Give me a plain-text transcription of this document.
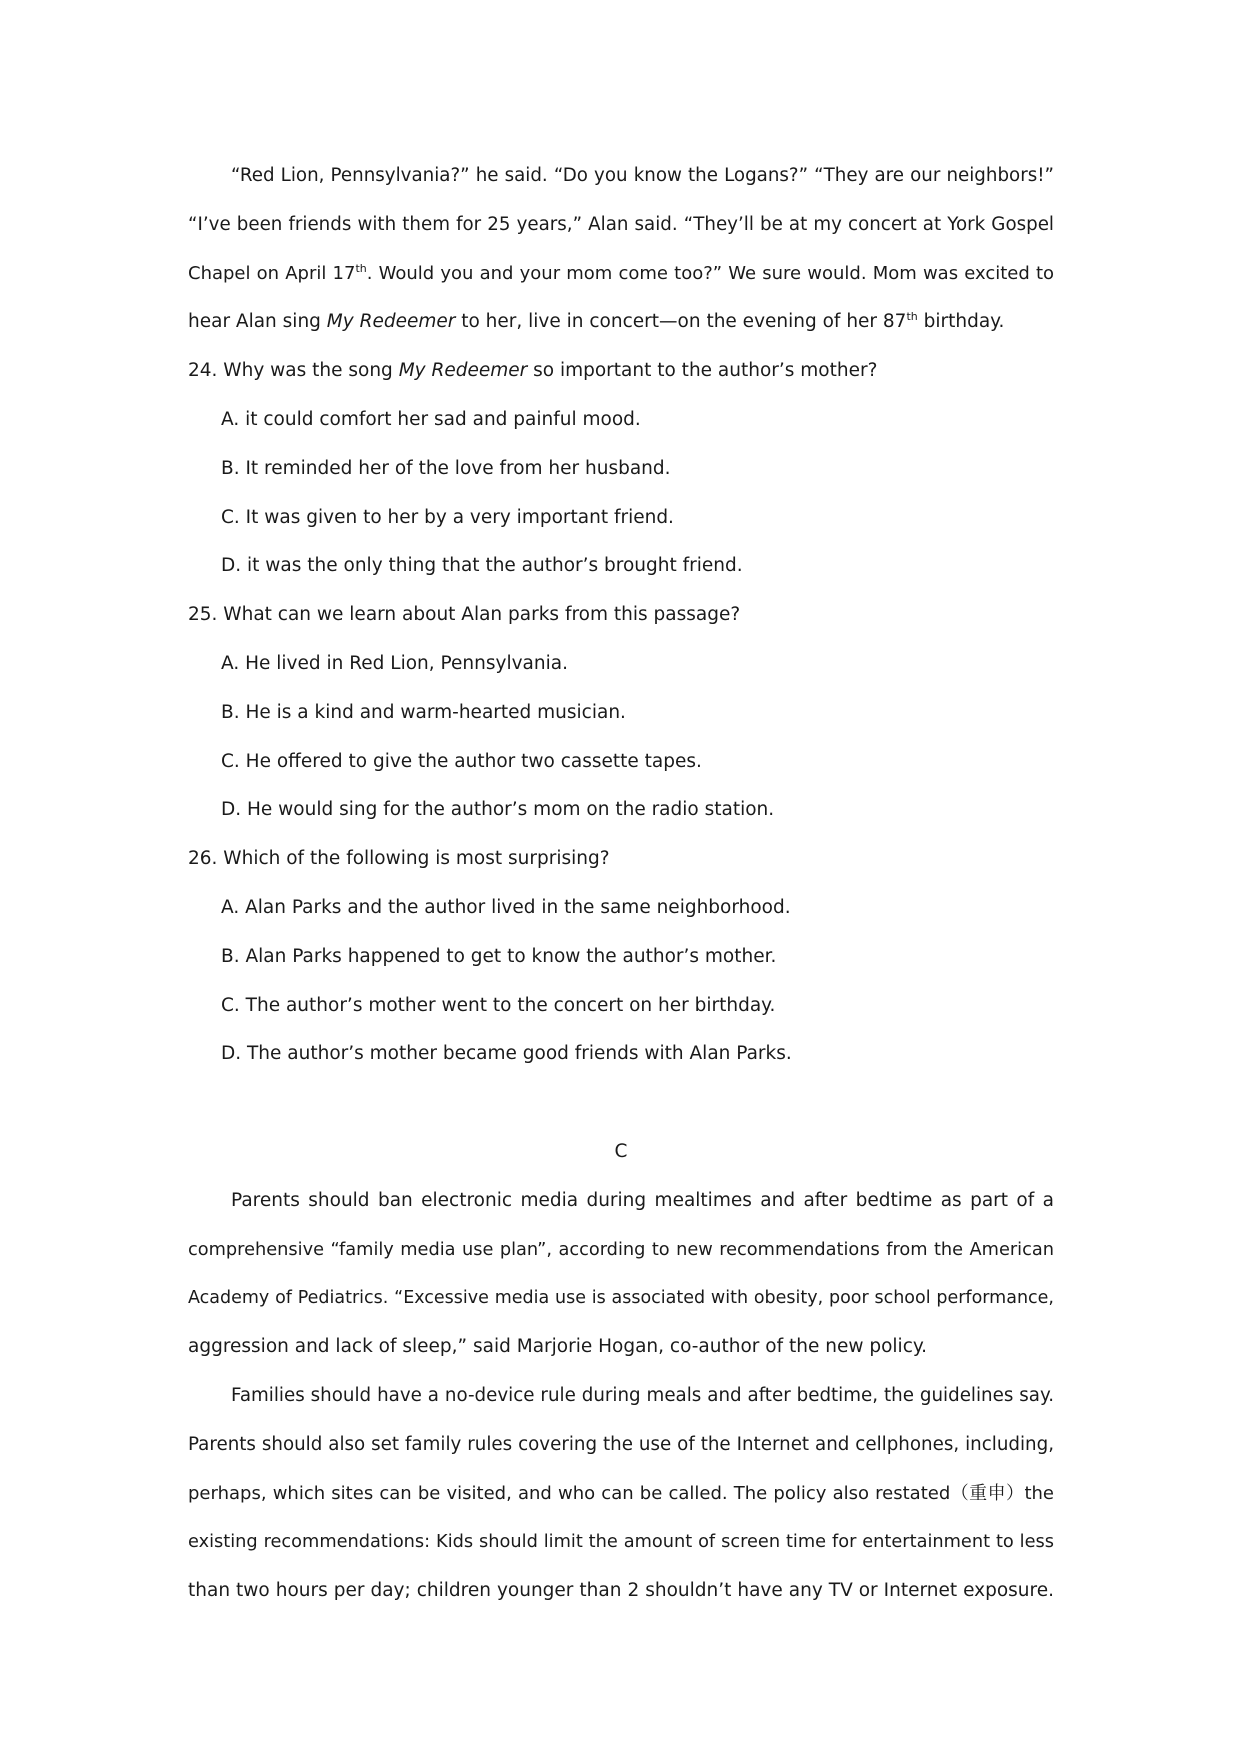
“Red Lion, Pennsylvania?” he said. “Do you know the Logans?” “They are our neighbors!”
“I’ve been friends with them for 25 years,” Alan said. “They’ll be at my concert at York Gospel
Chapel on April 17th. Would you and your mom come too?” We sure would. Mom was excited to
hear Alan sing My Redeemer to her, live in concert—on the evening of her 87th birthday.
24. Why was the song My Redeemer so important to the author’s mother?
A. it could comfort her sad and painful mood.
B. It reminded her of the love from her husband.
C. It was given to her by a very important friend.
D. it was the only thing that the author’s brought friend.
25. What can we learn about Alan parks from this passage?
A. He lived in Red Lion, Pennsylvania.
B. He is a kind and warm-hearted musician.
C. He offered to give the author two cassette tapes.
D. He would sing for the author’s mom on the radio station.
26. Which of the following is most surprising?
A. Alan Parks and the author lived in the same neighborhood.
B. Alan Parks happened to get to know the author’s mother.
C. The author’s mother went to the concert on her birthday.
D. The author’s mother became good friends with Alan Parks.
C
Parents should ban electronic media during mealtimes and after bedtime as part of a
comprehensive “family media use plan”, according to new recommendations from the American
Academy of Pediatrics. “Excessive media use is associated with obesity, poor school performance,
aggression and lack of sleep,” said Marjorie Hogan, co-author of the new policy.
Families should have a no-device rule during meals and after bedtime, the guidelines say.
Parents should also set family rules covering the use of the Internet and cellphones, including,
perhaps, which sites can be visited, and who can be called. The policy also restated（重申）the
existing recommendations: Kids should limit the amount of screen time for entertainment to less
than two hours per day; children younger than 2 shouldn’t have any TV or Internet exposure.
